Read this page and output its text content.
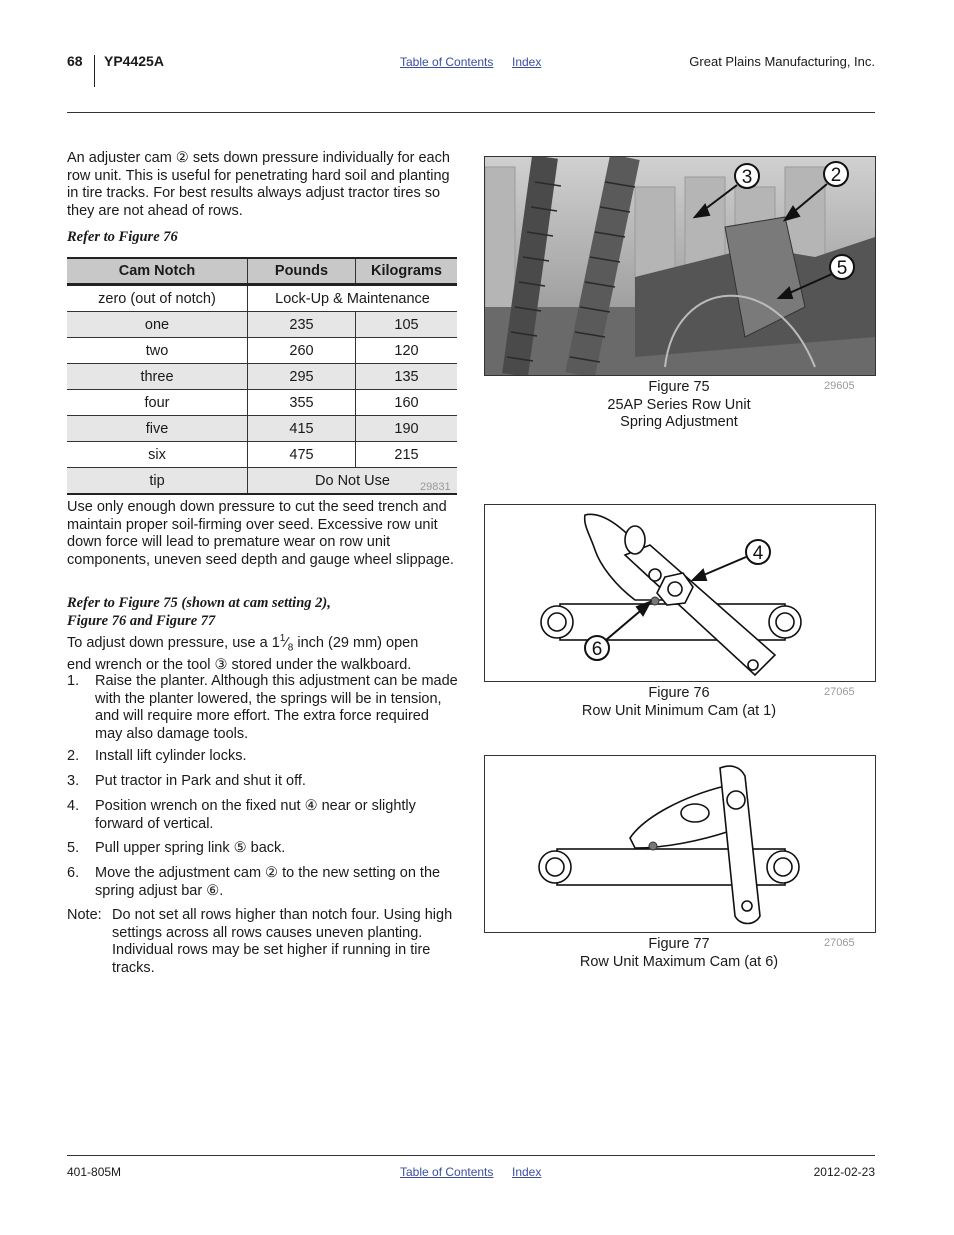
68 YP4425A	Table of Contents Index	Great Plains Manufacturing, Inc.
An adjuster cam ② sets down pressure individually for each row unit. This is useful for penetrating hard soil and planting in tire tracks. For best results always adjust tractor tires so they are not ahead of rows.
Refer to Figure 76
Cam Notch	Pounds	Kilograms
zero (out of notch)	Lock-Up & Maintenance	
one	235	105
two	260	120
three	295	135
four	355	160
five	415	190
six	475	215
tip	Do Not Use		29831
Use only enough down pressure to cut the seed trench and maintain proper soil-firming over seed. Excessive row unit down force will lead to premature wear on row unit components, uneven seed depth and gauge wheel slippage.
Refer to Figure 75 (shown at cam setting 2),
Figure 76 and Figure 77
To adjust down pressure, use a $1^1⁄_8$ inch (29 mm) open
end wrench or the tool ③ stored under the walkboard.
1. Raise the planter. Although this adjustment can be made with the planter lowered, the springs will be in tension, and will require more effort. The extra force required may also damage tools.
2. Install lift cylinder locks.
3. Put tractor in Park and shut it off.
4. Position wrench on the fixed nut ④ near or slightly forward of vertical.
5. Pull upper spring link ⑤ back.
6. Move the adjustment cam ② to the new setting on the spring adjust bar ⑥.
Note: Do not set all rows higher than notch four. Using high settings across all rows causes uneven planting. Individual rows may be set higher if running in tire tracks.
3	2
5
Figure 75
25AP Series Row Unit
Spring Adjustment
29605
4
6
Figure 76
Row Unit Minimum Cam (at 1)
27065
Figure 77
Row Unit Maximum Cam (at 6)
27065
401-805M	Table of Contents Index	2012-02-23
